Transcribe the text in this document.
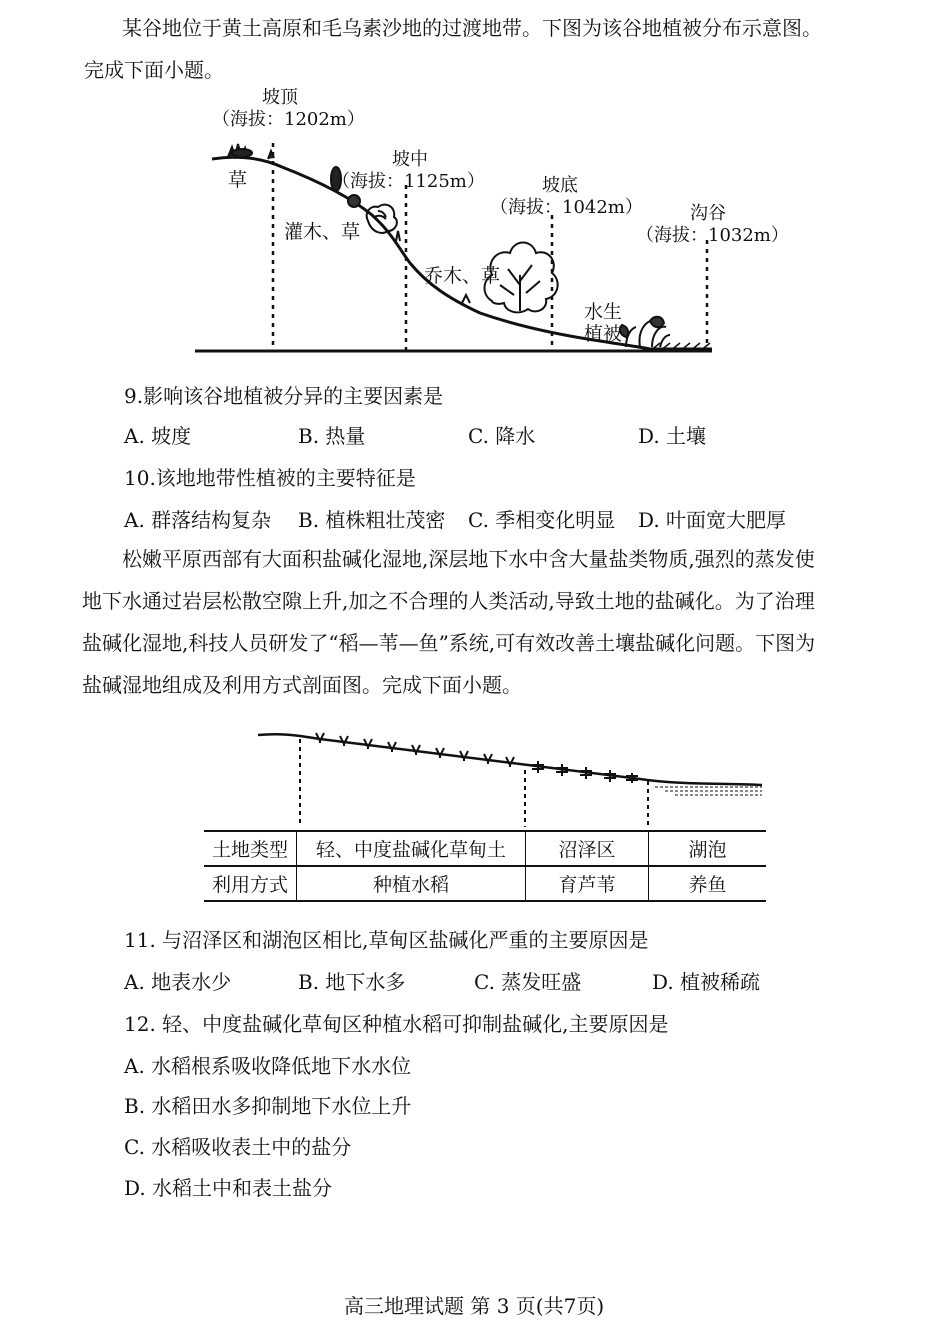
某谷地位于黄土高原和毛乌素沙地的过渡地带。下图为该谷地植被分布示意图。
完成下面小题。
坡顶
（海拔：1202m）
坡中
（海拔：1125m）	坡底
（海拔：1042m）	沟谷
（海拔：1032m）
草
灌木、草
乔木、草
水生
植被
9.影响该谷地植被分异的主要因素是
A. 坡度	B. 热量	C. 降水	D. 土壤
10.该地地带性植被的主要特征是
A. 群落结构复杂 B. 植株粗壮茂密 C. 季相变化明显 D. 叶面宽大肥厚
松嫩平原西部有大面积盐碱化湿地,深层地下水中含大量盐类物质,强烈的蒸发使
地下水通过岩层松散空隙上升,加之不合理的人类活动,导致土地的盐碱化。为了治理
盐碱化湿地,科技人员研发了“稻—苇—鱼”系统,可有效改善土壤盐碱化问题。下图为
盐碱湿地组成及利用方式剖面图。完成下面小题。
土地类型	轻、中度盐碱化草甸土	沼泽区	湖泡
利用方式	种植水稻	育芦苇	养鱼
11. 与沼泽区和湖泡区相比,草甸区盐碱化严重的主要原因是
A. 地表水少	B. 地下水多	C. 蒸发旺盛	D. 植被稀疏
12. 轻、中度盐碱化草甸区种植水稻可抑制盐碱化,主要原因是
A. 水稻根系吸收降低地下水水位
B. 水稻田水多抑制地下水位上升
C. 水稻吸收表土中的盐分
D. 水稻土中和表土盐分
高三地理试题 第 3 页(共7页)
